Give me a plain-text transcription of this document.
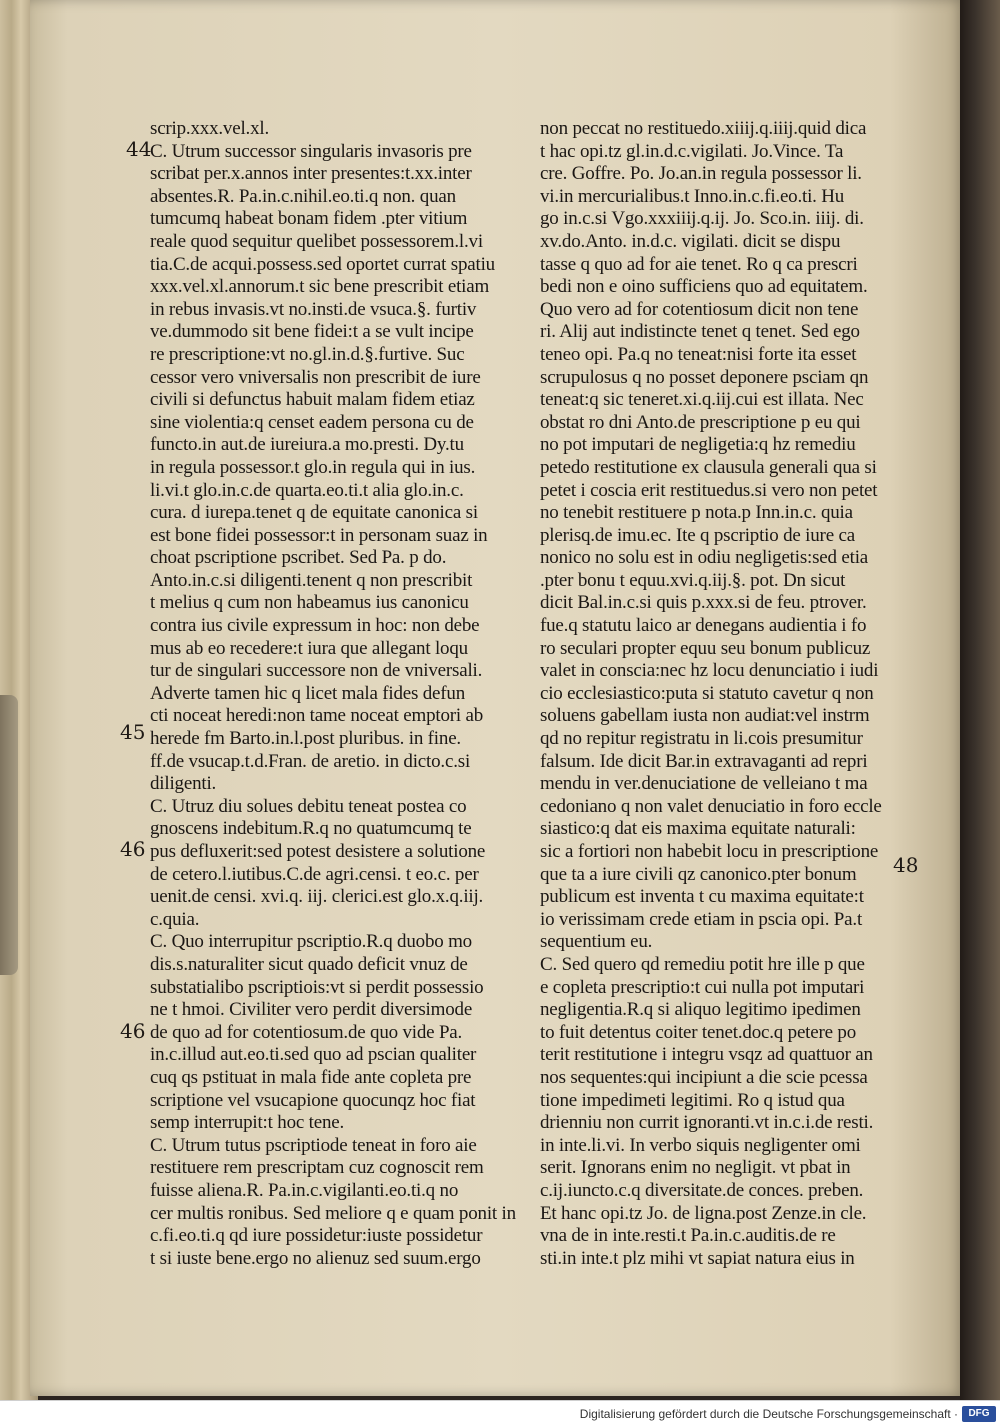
scrip.xxx.vel.xl.
C. Utrum successor singularis invasoris pre
scribat per.x.annos inter presentes:t.xx.inter
absentes.R. Pa.in.c.nihil.eo.ti.q non. quan
tumcumq habeat bonam fidem .pter vitium
reale quod sequitur quelibet possessorem.l.vi
tia.C.de acqui.possess.sed oportet currat spatiu
xxx.vel.xl.annorum.t sic bene prescribit etiam
in rebus invasis.vt no.insti.de vsuca.§. furtiv
ve.dummodo sit bene fidei:t a se vult incipe
re prescriptione:vt no.gl.in.d.§.furtive. Suc
cessor vero vniversalis non prescribit de iure
civili si defunctus habuit malam fidem etiaz
sine violentia:q censet eadem persona cu de
functo.in aut.de iureiura.a mo.presti. Dy.tu
in regula possessor.t glo.in regula qui in ius.
li.vi.t glo.in.c.de quarta.eo.ti.t alia glo.in.c.
cura. d iurepa.tenet q de equitate canonica si
est bone fidei possessor:t in personam suaz in
choat pscriptione pscribet. Sed Pa. p do.
Anto.in.c.si diligenti.tenent q non prescribit
t melius q cum non habeamus ius canonicu
contra ius civile expressum in hoc: non debe
mus ab eo recedere:t iura que allegant loqu
tur de singulari successore non de vniversali.
Adverte tamen hic q licet mala fides defun
cti noceat heredi:non tame noceat emptori ab
herede fm Barto.in.l.post pluribus. in fine.
ff.de vsucap.t.d.Fran. de aretio. in dicto.c.si
diligenti.
C. Utruz diu solues debitu teneat postea co
gnoscens indebitum.R.q no quatumcumq te
pus defluxerit:sed potest desistere a solutione
de cetero.l.iutibus.C.de agri.censi. t eo.c. per
uenit.de censi. xvi.q. iij. clerici.est glo.x.q.iij.
c.quia.
C. Quo interrupitur pscriptio.R.q duobo mo
dis.s.naturaliter sicut quado deficit vnuz de
substatialibo pscriptiois:vt si perdit possessio
ne t hmoi. Civiliter vero perdit diversimode
de quo ad for cotentiosum.de quo vide Pa.
in.c.illud aut.eo.ti.sed quo ad pscian qualiter
cuq qs pstituat in mala fide ante copleta pre
scriptione vel vsucapione quocunqz hoc fiat
semp interrupit:t hoc tene.
C. Utrum tutus pscriptiode teneat in foro aie
restituere rem prescriptam cuz cognoscit rem
fuisse aliena.R. Pa.in.c.vigilanti.eo.ti.q no
cer multis ronibus. Sed meliore q e quam ponit in
c.fi.eo.ti.q qd iure possidetur:iuste possidetur
t si iuste bene.ergo no alienuz sed suum.ergo
non peccat no restituedo.xiiij.q.iiij.quid dica
t hac opi.tz gl.in.d.c.vigilati. Jo.Vince. Ta
cre. Goffre. Po. Jo.an.in regula possessor li.
vi.in mercurialibus.t Inno.in.c.fi.eo.ti. Hu
go in.c.si Vgo.xxxiiij.q.ij. Jo. Sco.in. iiij. di.
xv.do.Anto. in.d.c. vigilati. dicit se dispu
tasse q quo ad for aie tenet. Ro q ca prescri
bedi non e oino sufficiens quo ad equitatem.
Quo vero ad for cotentiosum dicit non tene
ri. Alij aut indistincte tenet q tenet. Sed ego
teneo opi. Pa.q no teneat:nisi forte ita esset
scrupulosus q no posset deponere psciam qn
teneat:q sic teneret.xi.q.iij.cui est illata. Nec
obstat ro dni Anto.de prescriptione p eu qui
no pot imputari de negligetia:q hz remediu
petedo restitutione ex clausula generali qua si
petet i cosciа erit restituedus.si vero non petet
no tenebit restituere p nota.p Inn.in.c. quia
plerisq.de imu.ec. Ite q pscriptio de iure ca
nonico no solu est in odiu negligetis:sed etia
.pter bonu t equu.xvi.q.iij.§. pot. Dn sicut
dicit Bal.in.c.si quis p.xxx.si de feu. ptrover.
fue.q statutu laico ar denegans audientia i fo
ro seculari propter equu seu bonum publicuz
valet in conscia:nec hz locu denunciatio i iudi
cio ecclesiastico:puta si statuto cavetur q non
soluens gabellam iusta non audiat:vel instrm
qd no repitur registratu in li.cois presumitur
falsum. Ide dicit Bar.in extravaganti ad repri
mendu in ver.denuciatione de velleiano t ma
cedoniano q non valet denuciatio in foro eccle
siastico:q dat eis maxima equitate naturali:
sic a fortiori non habebit locu in prescriptione
que ta a iure civili qz canonico.pter bonum
publicum est inventa t cu maxima equitate:t
io verissimam crede etiam in pscia opi. Pa.t
sequentium eu.
C. Sed quero qd remediu potit hre ille p que
e copleta prescriptio:t cui nulla pot imputari
negligentia.R.q si aliquo legitimo ipedimen
to fuit detentus coiter tenet.doc.q petere po
terit restitutione i integru vsqz ad quattuor an
nos sequentes:qui incipiunt a die scie pcessa
tione impedimeti legitimi. Ro q istud qua
drienniu non currit ignoranti.vt in.c.i.de resti.
in inte.li.vi. In verbo siquis negligenter omi
serit. Ignorans enim no negligit. vt pbat in
c.ij.iuncto.c.q diversitate.de conces. preben.
Et hanc opi.tz Jo. de ligna.post Zenze.in cle.
vna de in inte.resti.t Pa.in.c.auditis.de re
sti.in inte.t plz mihi vt sapiat natura eius in
44
45
46
46
48
Digitalisierung gefördert durch die Deutsche Forschungsgemeinschaft ·	DFG
